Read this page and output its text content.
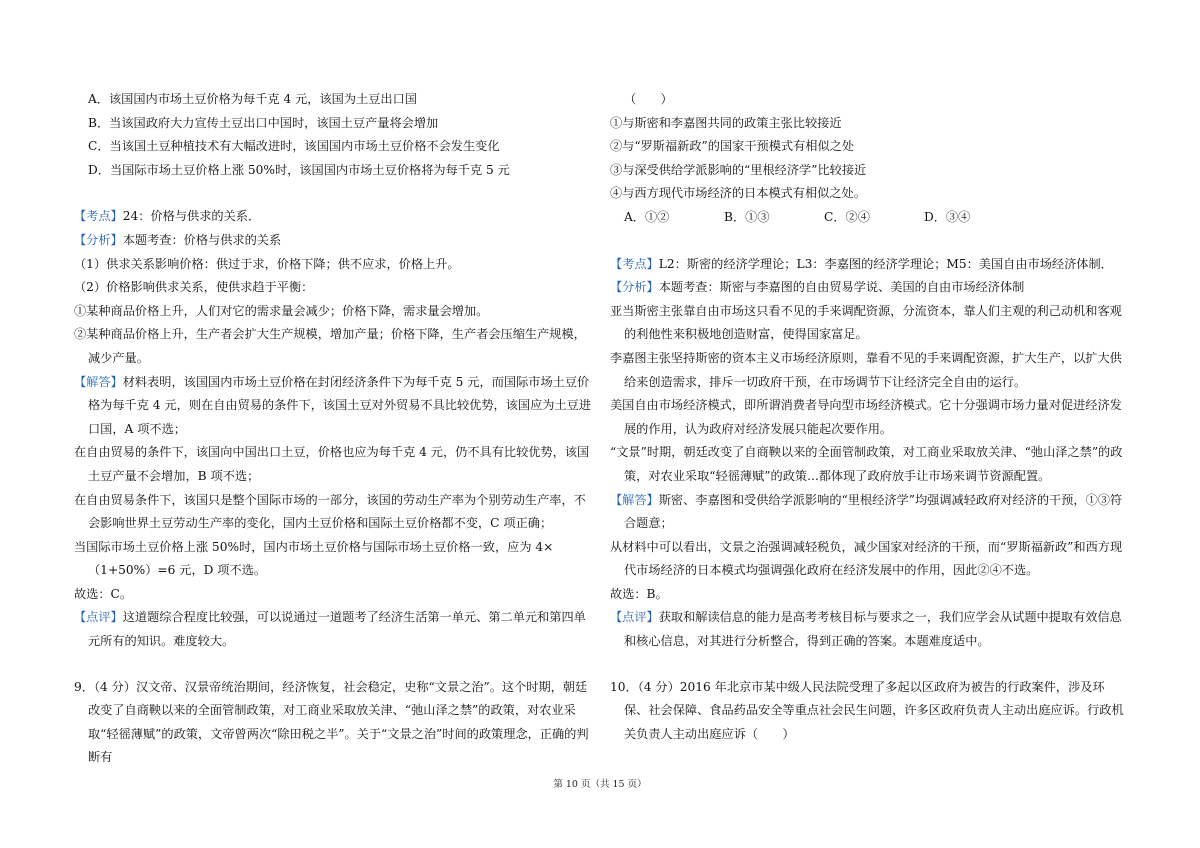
A．该国国内市场土豆价格为每千克 4 元，该国为土豆出口国

B．当该国政府大力宣传土豆出口中国时，该国土豆产量将会增加

C．当该国土豆种植技术有大幅改进时，该国国内市场土豆价格不会发生变化

D．当国际市场土豆价格上涨 50%时，该国国内市场土豆价格将为每千克 5 元

【考点】24：价格与供求的关系．

【分析】本题考查：价格与供求的关系

（1）供求关系影响价格：供过于求，价格下降；供不应求，价格上升。

（2）价格影响供求关系，使供求趋于平衡：

①某种商品价格上升，人们对它的需求量会减少；价格下降，需求量会增加。

②某种商品价格上升，生产者会扩大生产规模，增加产量；价格下降，生产者会压缩生产规模，减少产量。

【解答】材料表明，该国国内市场土豆价格在封闭经济条件下为每千克 5 元，而国际市场土豆价格为每千克 4 元，则在自由贸易的条件下，该国土豆对外贸易不具比较优势，该国应为土豆进口国，A 项不选；

在自由贸易的条件下，该国向中国出口土豆，价格也应为每千克 4 元，仍不具有比较优势，该国土豆产量不会增加，B 项不选；

在自由贸易条件下，该国只是整个国际市场的一部分，该国的劳动生产率为个别劳动生产率，不会影响世界土豆劳动生产率的变化，国内土豆价格和国际土豆价格都不变，C 项正确；

当国际市场土豆价格上涨 50%时，国内市场土豆价格与国际市场土豆价格一致，应为 4×（1+50%）=6 元，D 项不选。

故选：C。

【点评】这道题综合程度比较强，可以说通过一道题考了经济生活第一单元、第二单元和第四单元所有的知识。难度较大。

9．（4 分）汉文帝、汉景帝统治期间，经济恢复，社会稳定，史称“文景之治”。这个时期，朝廷改变了自商鞅以来的全面管制政策，对工商业采取放关津、“弛山泽之禁”的政策，对农业采取“轻徭薄赋”的政策，文帝曾两次“除田税之半”。关于“文景之治”时间的政策理念，正确的判断有

（　　）

①与斯密和李嘉图共同的政策主张比较接近

②与“罗斯福新政”的国家干预模式有相似之处

③与深受供给学派影响的“里根经济学”比较接近

④与西方现代市场经济的日本模式有相似之处。

A．①②	B．①③	C．②④	D．③④

【考点】L2：斯密的经济学理论；L3：李嘉图的经济学理论；M5：美国自由市场经济体制．

【分析】本题考查：斯密与李嘉图的自由贸易学说、美国的自由市场经济体制

亚当斯密主张靠自由市场这只看不见的手来调配资源，分流资本，靠人们主观的利己动机和客观的利他性来积极地创造财富，使得国家富足。

李嘉图主张坚持斯密的资本主义市场经济原则，靠看不见的手来调配资源，扩大生产，以扩大供给来创造需求，排斥一切政府干预，在市场调节下让经济完全自由的运行。

美国自由市场经济模式，即所谓消费者导向型市场经济模式。它十分强调市场力量对促进经济发展的作用，认为政府对经济发展只能起次要作用。

“文景”时期，朝廷改变了自商鞅以来的全面管制政策，对工商业采取放关津、“弛山泽之禁”的政策，对农业采取“轻徭薄赋”的政策...都体现了政府放手让市场来调节资源配置。

【解答】斯密、李嘉图和受供给学派影响的“里根经济学”均强调减轻政府对经济的干预，①③符合题意；

从材料中可以看出，文景之治强调减轻税负，减少国家对经济的干预，而“罗斯福新政”和西方现代市场经济的日本模式均强调强化政府在经济发展中的作用，因此②④不选。

故选：B。

【点评】获取和解读信息的能力是高考考核目标与要求之一，我们应学会从试题中提取有效信息和核心信息，对其进行分析整合，得到正确的答案。本题难度适中。

10．（4 分）2016 年北京市某中级人民法院受理了多起以区政府为被告的行政案件，涉及环保、社会保障、食品药品安全等重点社会民生问题，许多区政府负责人主动出庭应诉。行政机关负责人主动出庭应诉（　　）

第 10 页（共 15 页）
